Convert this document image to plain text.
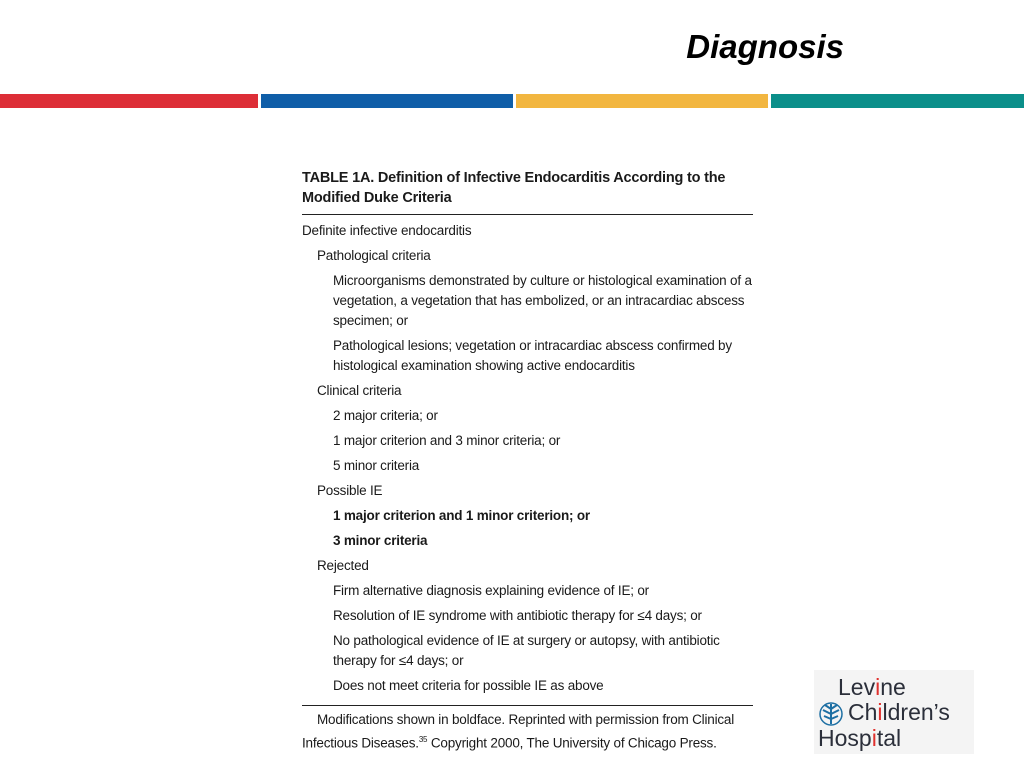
Diagnosis
TABLE 1A. Definition of Infective Endocarditis According to the Modified Duke Criteria
Definite infective endocarditis
Pathological criteria
Microorganisms demonstrated by culture or histological examination of a vegetation, a vegetation that has embolized, or an intracardiac abscess specimen; or
Pathological lesions; vegetation or intracardiac abscess confirmed by histological examination showing active endocarditis
Clinical criteria
2 major criteria; or
1 major criterion and 3 minor criteria; or
5 minor criteria
Possible IE
1 major criterion and 1 minor criterion; or
3 minor criteria
Rejected
Firm alternative diagnosis explaining evidence of IE; or
Resolution of IE syndrome with antibiotic therapy for ≤4 days; or
No pathological evidence of IE at surgery or autopsy, with antibiotic therapy for ≤4 days; or
Does not meet criteria for possible IE as above
Modifications shown in boldface. Reprinted with permission from Clinical Infectious Diseases.$^{35}$ Copyright 2000, The University of Chicago Press.
Levine
Children’s
Hospital
